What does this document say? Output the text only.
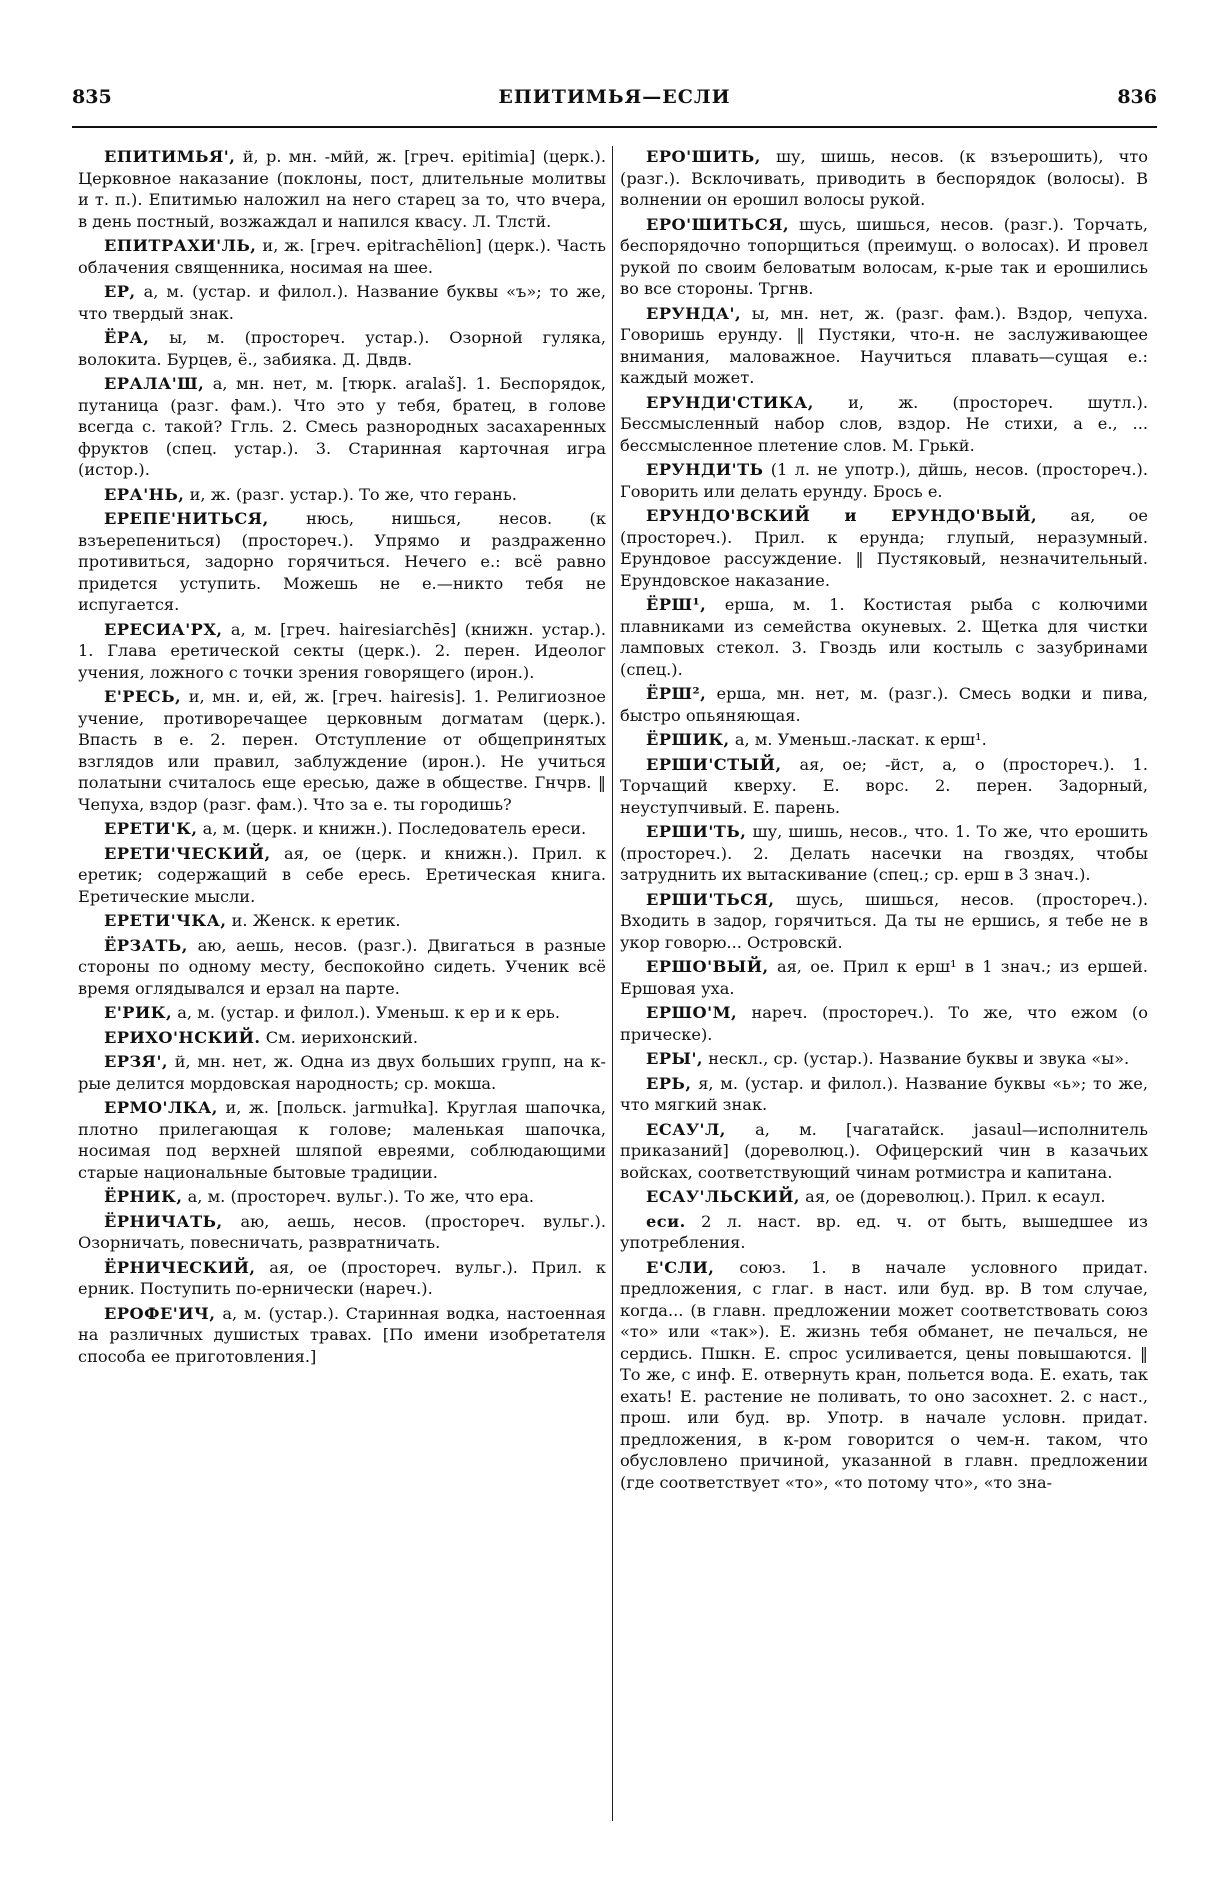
835	ЕПИТИМЬЯ—ЕСЛИ	836

ЕПИТИМЬЯ', й, р. мн. -мйй, ж. [греч. epitimia] (церк.). Церковное наказание (поклоны, пост, длительные молитвы и т. п.). Епитимью наложил на него старец за то, что вчера, в день постный, возжаждал и напился квасу. Л. Тлстй.

ЕПИТРАХИ'ЛЬ, и, ж. [греч. epitrachēlion] (церк.). Часть облачения священника, носимая на шее.

ЕР, а, м. (устар. и филол.). Название буквы «ъ»; то же, что твердый знак.

ЁРА, ы, м. (простореч. устар.). Озорной гуляка, волокита. Бурцев, ё., забияка. Д. Двдв.

ЕРАЛА'Ш, а, мн. нет, м. [тюрк. aralaš]. 1. Беспорядок, путаница (разг. фам.). Что это у тебя, братец, в голове всегда с. такой? Ггль. 2. Смесь разнородных засахаренных фруктов (спец. устар.). 3. Старинная карточная игра (истор.).

ЕРА'НЬ, и, ж. (разг. устар.). То же, что герань.

ЕРЕПЕ'НИТЬСЯ, нюсь, нишься, несов. (к взъерепениться) (простореч.). Упрямо и раздраженно противиться, задорно горячиться. Нечего е.: всё равно придется уступить. Можешь не е.—никто тебя не испугается.

ЕРЕСИА'РХ, а, м. [греч. hairesiarchēs] (книжн. устар.). 1. Глава еретической секты (церк.). 2. перен. Идеолог учения, ложного с точки зрения говорящего (ирон.).

Е'РЕСЬ, и, мн. и, ей, ж. [греч. hairesis]. 1. Религиозное учение, противоречащее церковным догматам (церк.). Впасть в е. 2. перен. Отступление от общепринятых взглядов или правил, заблуждение (ирон.). Не учиться полатыни считалось еще ересью, даже в обществе. Гнчрв. ‖ Чепуха, вздор (разг. фам.). Что за е. ты городишь?

ЕРЕТИ'К, а, м. (церк. и книжн.). Последователь ереси.

ЕРЕТИ'ЧЕСКИЙ, ая, ое (церк. и книжн.). Прил. к еретик; содержащий в себе ересь. Еретическая книга. Еретические мысли.

ЕРЕТИ'ЧКА, и. Женск. к еретик.

ЁРЗАТЬ, аю, аешь, несов. (разг.). Двигаться в разные стороны по одному месту, беспокойно сидеть. Ученик всё время оглядывался и ерзал на парте.

Е'РИК, а, м. (устар. и филол.). Уменьш. к ер и к ерь.

ЕРИХО'НСКИЙ. См. иерихонский.

ЕРЗЯ', й, мн. нет, ж. Одна из двух больших групп, на к-рые делится мордовская народность; ср. мокша.

ЕРМО'ЛКА, и, ж. [польск. jarmułka]. Круглая шапочка, плотно прилегающая к голове; маленькая шапочка, носимая под верхней шляпой евреями, соблюдающими старые национальные бытовые традиции.

ЁРНИК, а, м. (простореч. вульг.). То же, что ера.

ЁРНИЧАТЬ, аю, аешь, несов. (простореч. вульг.). Озорничать, повесничать, развратничать.

ЁРНИЧЕСКИЙ, ая, ое (простореч. вульг.). Прил. к ерник. Поступить по-ернически (нареч.).

ЕРОФЕ'ИЧ, а, м. (устар.). Старинная водка, настоенная на различных душистых травах. [По имени изобретателя способа ее приготовления.]

ЕРО'ШИТЬ, шу, шишь, несов. (к взъерошить), что (разг.). Всклочивать, приводить в беспорядок (волосы). В волнении он ерошил волосы рукой.

ЕРО'ШИТЬСЯ, шусь, шишься, несов. (разг.). Торчать, беспорядочно топорщиться (преимущ. о волосах). И провел рукой по своим беловатым волосам, к-рые так и ерошились во все стороны. Тргнв.

ЕРУНДА', ы, мн. нет, ж. (разг. фам.). Вздор, чепуха. Говоришь ерунду. ‖ Пустяки, что-н. не заслуживающее внимания, маловажное. Научиться плавать—сущая е.: каждый может.

ЕРУНДИ'СТИКА, и, ж. (простореч. шутл.). Бессмысленный набор слов, вздор. Не стихи, а е., ... бессмысленное плетение слов. М. Грькй.

ЕРУНДИ'ТЬ (1 л. не употр.), дйшь, несов. (простореч.). Говорить или делать ерунду. Брось е.

ЕРУНДО'ВСКИЙ и ЕРУНДО'ВЫЙ, ая, ое (простореч.). Прил. к ерунда; глупый, неразумный. Ерундовое рассуждение. ‖ Пустяковый, незначительный. Ерундовское наказание.

ЁРШ¹, ерша, м. 1. Костистая рыба с колючими плавниками из семейства окуневых. 2. Щетка для чистки ламповых стекол. 3. Гвоздь или костыль с зазубринами (спец.).

ЁРШ², ерша, мн. нет, м. (разг.). Смесь водки и пива, быстро опьяняющая.

ЁРШИК, а, м. Уменьш.-ласкат. к ерш¹.

ЕРШИ'СТЫЙ, ая, ое; -йст, а, о (простореч.). 1. Торчащий кверху. Е. ворс. 2. перен. Задорный, неуступчивый. Е. парень.

ЕРШИ'ТЬ, шу, шишь, несов., что. 1. То же, что ерошить (простореч.). 2. Делать насечки на гвоздях, чтобы затруднить их вытаскивание (спец.; ср. ерш в 3 знач.).

ЕРШИ'ТЬСЯ, шусь, шишься, несов. (простореч.). Входить в задор, горячиться. Да ты не ершись, я тебе не в укор говорю... Островскй.

ЕРШО'ВЫЙ, ая, ое. Прил к ерш¹ в 1 знач.; из ершей. Ершовая уха.

ЕРШО'М, нареч. (простореч.). То же, что ежом (о прическе).

ЕРЫ', нескл., ср. (устар.). Название буквы и звука «ы».

ЕРЬ, я, м. (устар. и филол.). Название буквы «ь»; то же, что мягкий знак.

ЕСАУ'Л, а, м. [чагатайск. jasaul—исполнитель приказаний] (дореволюц.). Офицерский чин в казачьих войсках, соответствующий чинам ротмистра и капитана.

ЕСАУ'ЛЬСКИЙ, ая, ое (дореволюц.). Прил. к есаул.

еси. 2 л. наст. вр. ед. ч. от быть, вышедшее из употребления.

Е'СЛИ, союз. 1. в начале условного придат. предложения, с глаг. в наст. или буд. вр. В том случае, когда... (в главн. предложении может соответствовать союз «то» или «так»). Е. жизнь тебя обманет, не печалься, не сердись. Пшкн. Е. спрос усиливается, цены повышаются. ‖ То же, с инф. Е. отвернуть кран, польется вода. Е. ехать, так ехать! Е. растение не поливать, то оно засохнет. 2. с наст., прош. или буд. вр. Употр. в начале условн. придат. предложения, в к-ром говорится о чем-н. таком, что обусловлено причиной, указанной в главн. предложении (где соответствует «то», «то потому что», «то зна-
